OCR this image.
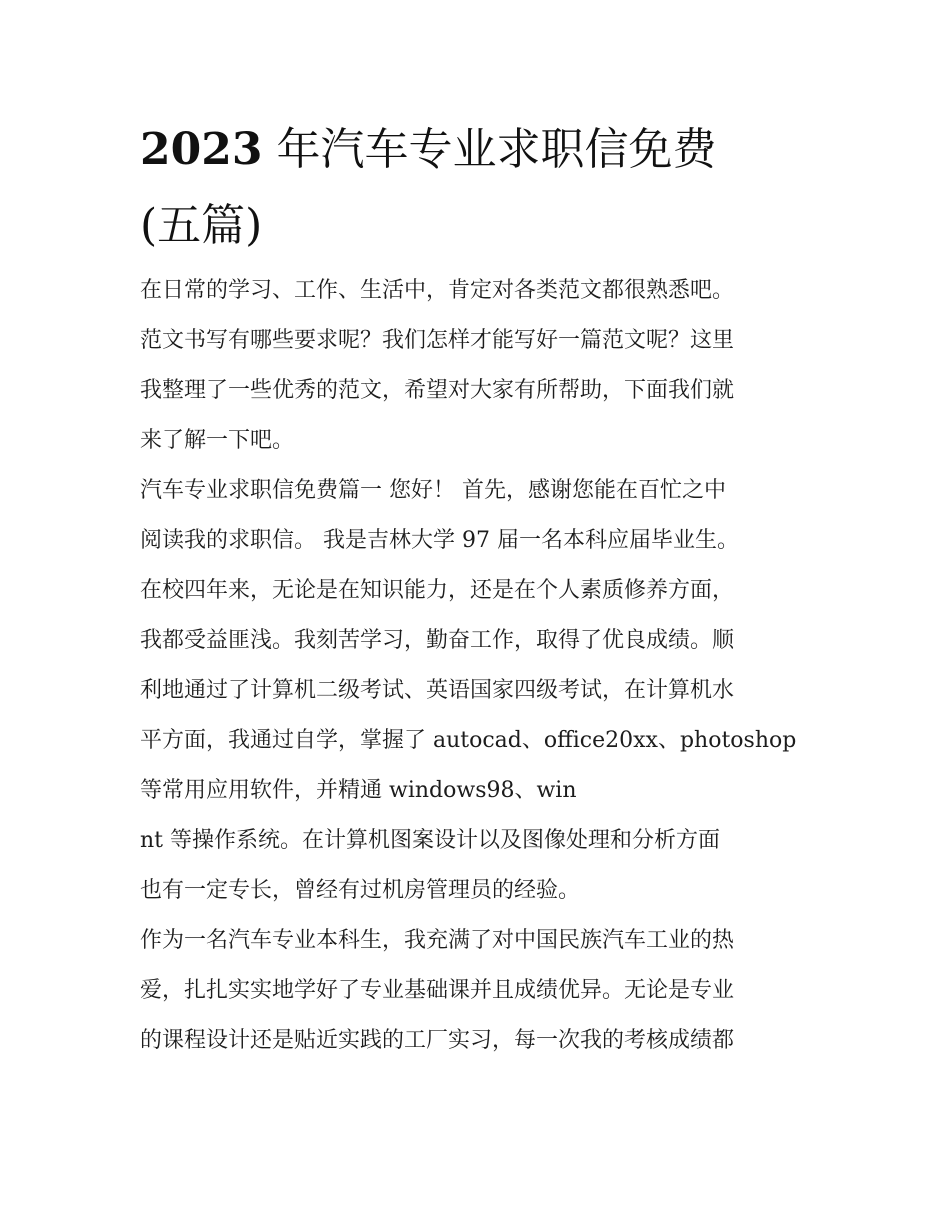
2023 年汽车专业求职信免费
(五篇)

在日常的学习、工作、生活中，肯定对各类范文都很熟悉吧。
范文书写有哪些要求呢？我们怎样才能写好一篇范文呢？这里
我整理了一些优秀的范文，希望对大家有所帮助，下面我们就
来了解一下吧。

汽车专业求职信免费篇一 您好！ 首先，感谢您能在百忙之中
阅读我的求职信。 我是吉林大学 97 届一名本科应届毕业生。
在校四年来，无论是在知识能力，还是在个人素质修养方面，
我都受益匪浅。我刻苦学习，勤奋工作，取得了优良成绩。顺
利地通过了计算机二级考试、英语国家四级考试，在计算机水
平方面，我通过自学，掌握了 autocad、office20xx、photoshop
等常用应用软件，并精通 windows98、win
nt 等操作系统。在计算机图案设计以及图像处理和分析方面
也有一定专长，曾经有过机房管理员的经验。

作为一名汽车专业本科生，我充满了对中国民族汽车工业的热
爱，扎扎实实地学好了专业基础课并且成绩优异。无论是专业
的课程设计还是贴近实践的工厂实习，每一次我的考核成绩都
